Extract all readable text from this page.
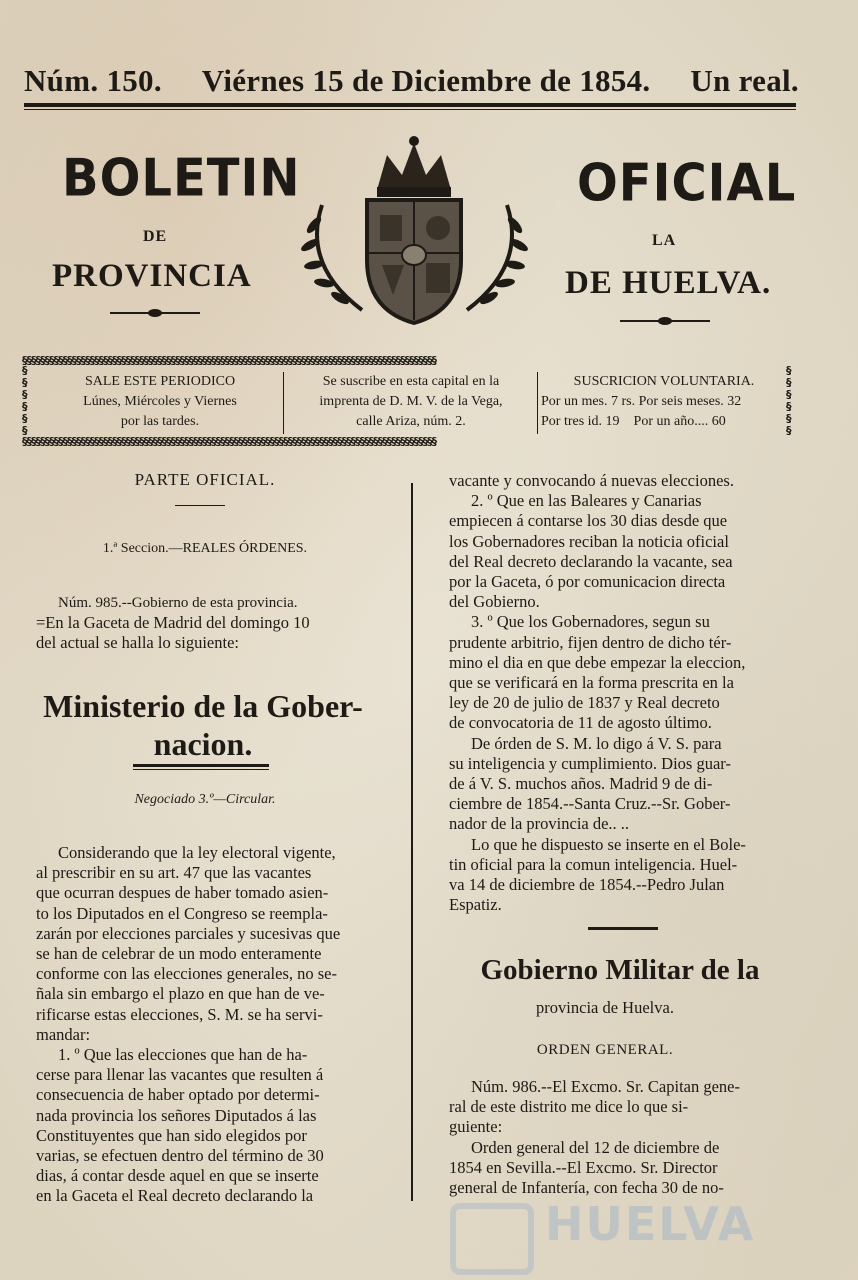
Núm. 150. Viérnes 15 de Diciembre de 1854. Un real.
BOLETIN
DE
PROVINCIA
OFICIAL
LA
DE HUELVA.
§§§§§§§§§§§§§§§§§§§§§§§§§§§§§§§§§§§§§§§§§§§§§§§§§§§§§§§§§§§§§§§§§§§§§§§§§§§§§§§§§§§§§§§§§§§§
§
§
§
§
§
§
§
§
§
§
§
§
SALE ESTE PERIODICO
Lúnes, Miércoles y Viernes
por las tardes.
Se suscribe en esta capital en la
imprenta de D. M. V. de la Vega,
calle Ariza, núm. 2.
SUSCRICION VOLUNTARIA.
Por un mes. 7 rs. Por seis meses. 32
Por tres id. 19    Por un año.... 60
§§§§§§§§§§§§§§§§§§§§§§§§§§§§§§§§§§§§§§§§§§§§§§§§§§§§§§§§§§§§§§§§§§§§§§§§§§§§§§§§§§§§§§§§§§§§
PARTE OFICIAL.
1.ª Seccion.—REALES ÓRDENES.

Núm. 985.--Gobierno de esta provincia.

=En la Gaceta de Madrid del domingo 10

del actual se halla lo siguiente:

Ministerio de la Gober-
nacion.
Negociado 3.º—Circular.

Considerando que la ley electoral vigente,

al prescribir en su art. 47 que las vacantes

que ocurran despues de haber tomado asien-

to los Diputados en el Congreso se reempla-

zarán por elecciones parciales y sucesivas que

se han de celebrar de un modo enteramente

conforme con las elecciones generales, no se-

ñala sin embargo el plazo en que han de ve-

rificarse estas elecciones, S. M. se ha servi-

mandar:

1. º Que las elecciones que han de ha-

cerse para llenar las vacantes que resulten á

consecuencia de haber optado por determi-

nada provincia los señores Diputados á las

Constituyentes que han sido elegidos por

varias, se efectuen dentro del término de 30

dias, á contar desde aquel en que se inserte

en la Gaceta el Real decreto declarando la

vacante y convocando á nuevas elecciones.

2. º Que en las Baleares y Canarias

empiecen á contarse los 30 dias desde que

los Gobernadores reciban la noticia oficial

del Real decreto declarando la vacante, sea

por la Gaceta, ó por comunicacion directa

del Gobierno.

3. º Que los Gobernadores, segun su

prudente arbitrio, fijen dentro de dicho tér-

mino el dia en que debe empezar la eleccion,

que se verificará en la forma prescrita en la

ley de 20 de julio de 1837 y Real decreto

de convocatoria de 11 de agosto último.

De órden de S. M. lo digo á V. S. para

su inteligencia y cumplimiento. Dios guar-

de á V. S. muchos años. Madrid 9 de di-

ciembre de 1854.--Santa Cruz.--Sr. Gober-

nador de la provincia de.. ..

Lo que he dispuesto se inserte en el Bole-

tin oficial para la comun inteligencia. Huel-

va 14 de diciembre de 1854.--Pedro Julan

Espatiz.

Gobierno Militar de la
provincia de Huelva.
ORDEN GENERAL.

Núm. 986.--El Excmo. Sr. Capitan gene-

ral de este distrito me dice lo que si-

guiente:

Orden general del 12 de diciembre de

1854 en Sevilla.--El Excmo. Sr. Director

general de Infantería, con fecha 30 de no-

HUELVA
